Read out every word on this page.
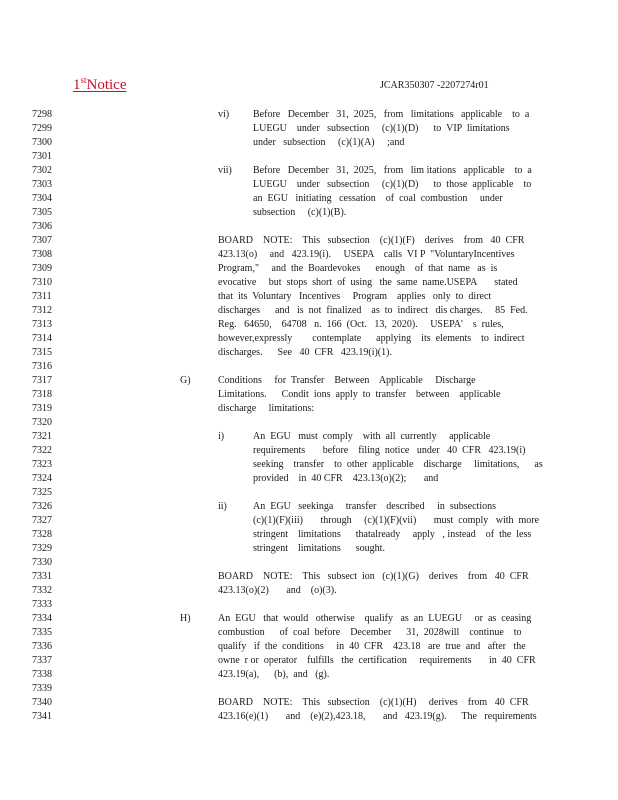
1stNotice	JCAR350307 -2207274r01
7298
7299
7300
7301
7302
7303
7304
7305
7306
7307
7308
7309
7310
7311
7312
7313
7314
7315
7316
7317
7318
7319
7320
7321
7322
7323
7324
7325
7326
7327
7328
7329
7330
7331
7332
7333
7334
7335
7336
7337
7338
7339
7340
7341
vi) Before   December   31,  2025,   from   limitations   applicable    to  a
LUEGU    under   subsection     (c)(1)(D)      to  VIP  limitations
under   subsection     (c)(1)(A)     ;and
vii) Before   December   31,  2025,   from   lim itations   applicable    to  a
LUEGU    under   subsection     (c)(1)(D)      to  those  applicable    to
an  EGU   initiating   cessation    of  coal  combustion     under
subsection     (c)(1)(B).
BOARD    NOTE:    This   subsection    (c)(1)(F)    derives    from   40  CFR
423.13(o)     and   423.19(i).     USEPA    calls  VI P  "VoluntaryIncentives
Program,"     and  the  Boardevokes      enough    of  that  name   as  is
evocative     but  stops  short  of  using   the  same  name.USEPA       stated
that  its  Voluntary   Incentives     Program    applies   only  to  direct
discharges      and   is  not  finalized    as  to  indirect   dis charges.     85  Fed.
Reg.   64650,    64708   n.  166  (Oct.   13,  2020).     USEPA'    s  rules,
however,expressly        contemplate      applying    its  elements    to  indirect
discharges.      See   40  CFR   423.19(i)(1).
G)	Conditions     for  Transfer    Between    Applicable     Discharge
Limitations.      Condit  ions  apply  to  transfer    between    applicable
discharge     limitations:
i)	An  EGU   must  comply    with  all  currently     applicable
requirements       before    filing  notice   under   40  CFR   423.19(i)
seeking    transfer    to  other  applicable    discharge     limitations,      as
provided    in  40 CFR    423.13(o)(2);       and
ii)	An  EGU   seekinga     transfer    described     in  subsections
(c)(1)(F)(iii)       through     (c)(1)(F)(vii)       must  comply   with  more
stringent    limitations      thatalready     apply   , instead    of  the  less
stringent    limitations      sought.
BOARD    NOTE:    This   subsect  ion   (c)(1)(G)    derives    from   40  CFR
423.13(o)(2)       and    (o)(3).
H)	An  EGU   that  would   otherwise    qualify   as  an  LUEGU     or  as  ceasing
combustion      of  coal  before    December      31,  2028will    continue    to
qualify   if  the  conditions     in  40  CFR    423.18   are  true  and   after   the
owne  r or  operator    fulfills   the  certification     requirements       in  40  CFR
423.19(a),      (b),  and   (g).
BOARD    NOTE:    This   subsection    (c)(1)(H)     derives    from   40  CFR
423.16(e)(1)       and    (e)(2),423.18,       and   423.19(g).      The   requirements
